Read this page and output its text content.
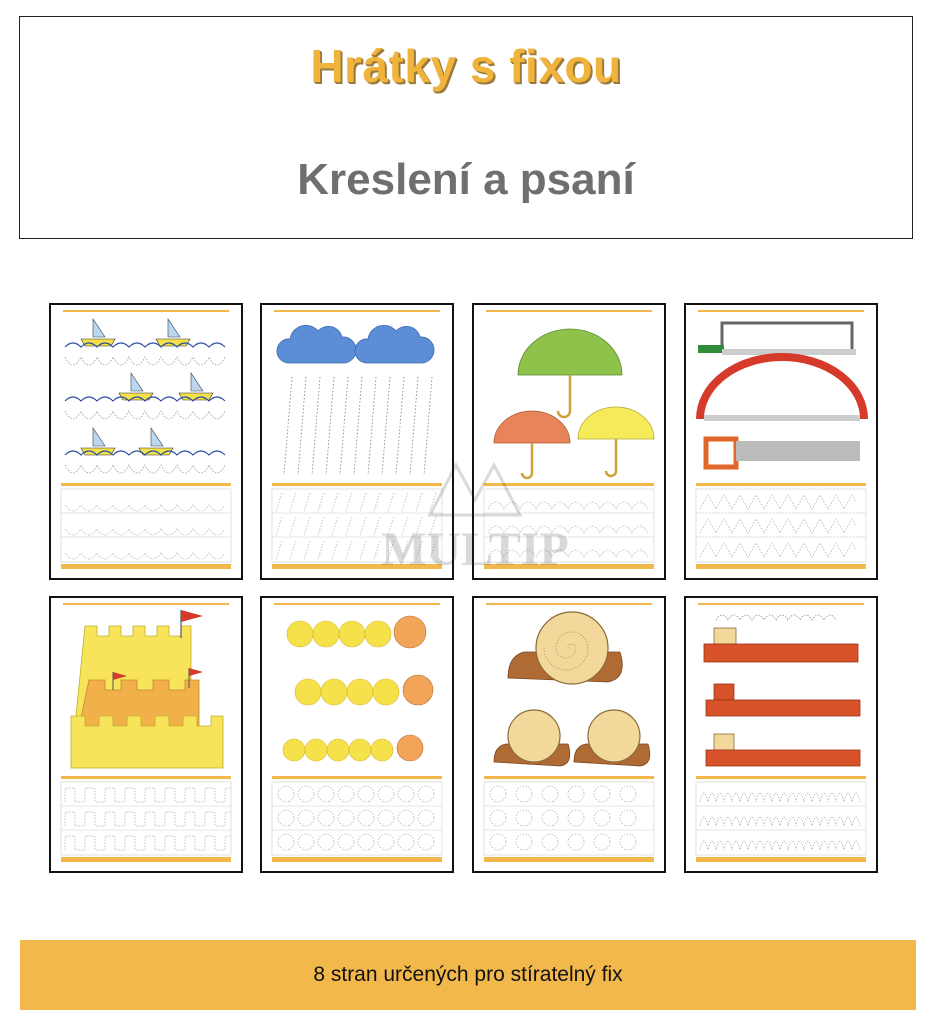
Hrátky s fixou
Kreslení a psaní
8 stran určených pro stíratelný fix
